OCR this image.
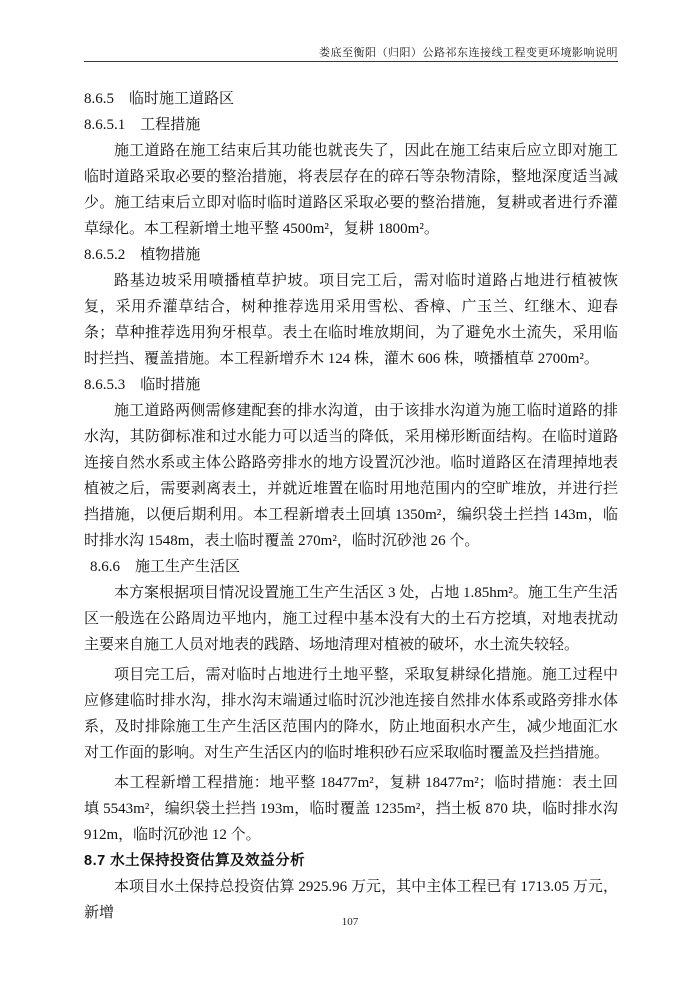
娄底至衡阳（归阳）公路祁东连接线工程变更环境影响说明
8.6.5　临时施工道路区
8.6.5.1　工程措施

施工道路在施工结束后其功能也就丧失了，因此在施工结束后应立即对施工临时道路采取必要的整治措施，将表层存在的碎石等杂物清除，整地深度适当减少。施工结束后立即对临时临时道路区采取必要的整治措施，复耕或者进行乔灌草绿化。本工程新增土地平整 4500m²，复耕 1800m²。

8.6.5.2　植物措施

路基边坡采用喷播植草护坡。项目完工后，需对临时道路占地进行植被恢复，采用乔灌草结合，树种推荐选用采用雪松、香樟、广玉兰、红继木、迎春条；草种推荐选用狗牙根草。表土在临时堆放期间，为了避免水土流失，采用临时拦挡、覆盖措施。本工程新增乔木 124 株，灌木 606 株，喷播植草 2700m²。

8.6.5.3　临时措施

施工道路两侧需修建配套的排水沟道，由于该排水沟道为施工临时道路的排水沟，其防御标准和过水能力可以适当的降低，采用梯形断面结构。在临时道路连接自然水系或主体公路路旁排水的地方设置沉沙池。临时道路区在清理掉地表植被之后，需要剥离表土，并就近堆置在临时用地范围内的空旷堆放，并进行拦挡措施，以便后期利用。本工程新增表土回填 1350m²，编织袋土拦挡 143m，临时排水沟 1548m，表土临时覆盖 270m²，临时沉砂池 26 个。

8.6.6　施工生产生活区

本方案根据项目情况设置施工生产生活区 3 处，占地 1.85hm²。施工生产生活区一般选在公路周边平地内，施工过程中基本没有大的土石方挖填，对地表扰动主要来自施工人员对地表的践踏、场地清理对植被的破坏，水土流失较轻。

项目完工后，需对临时占地进行土地平整，采取复耕绿化措施。施工过程中应修建临时排水沟，排水沟末端通过临时沉沙池连接自然排水体系或路旁排水体系，及时排除施工生产生活区范围内的降水，防止地面积水产生，减少地面汇水对工作面的影响。对生产生活区内的临时堆积砂石应采取临时覆盖及拦挡措施。

本工程新增工程措施：地平整 18477m²，复耕 18477m²；临时措施：表土回填 5543m²，编织袋土拦挡 193m，临时覆盖 1235m²，挡土板 870 块，临时排水沟 912m，临时沉砂池 12 个。

8.7 水土保持投资估算及效益分析

本项目水土保持总投资估算 2925.96 万元，其中主体工程已有 1713.05 万元，新增

107
